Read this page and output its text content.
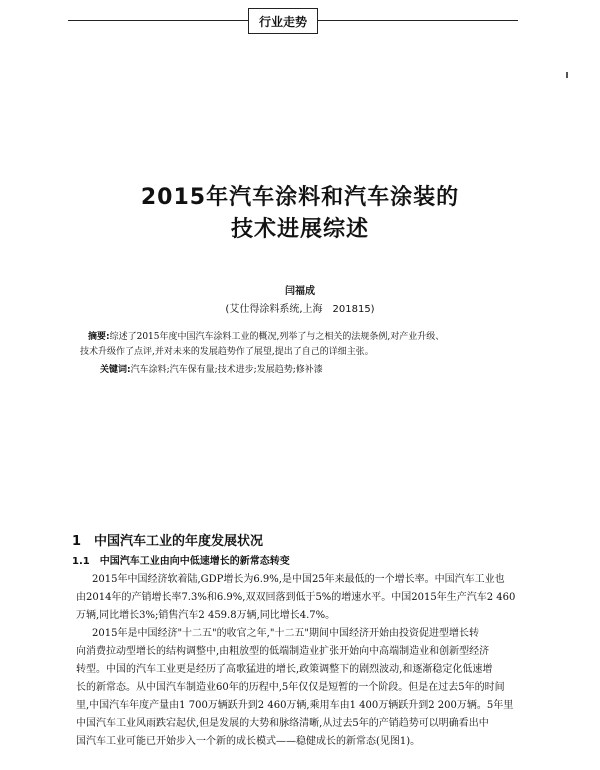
行业走势
2015年汽车涂料和汽车涂装的
技术进展综述
闫福成
(艾仕得涂料系统,上海　201815)
摘要:综述了2015年度中国汽车涂料工业的概况,列举了与之相关的法规条例,对产业升级、
技术升级作了点评,并对未来的发展趋势作了展望,提出了自己的详细主张。
关键词:汽车涂料;汽车保有量;技术进步;发展趋势;修补漆
1　中国汽车工业的年度发展状况
1.1　中国汽车工业由向中低速增长的新常态转变
2015年中国经济软着陆,GDP增长为6.9%,是中国25年来最低的一个增长率。中国汽车工业也
由2014年的产销增长率7.3%和6.9%,双双回落到低于5%的增速水平。中国2015年生产汽车2 460
万辆,同比增长3%;销售汽车2 459.8万辆,同比增长4.7%。
2015年是中国经济"十二五"的收官之年,"十二五"期间中国经济开始由投资促进型增长转
向消费拉动型增长的结构调整中,由粗放型的低端制造业扩张开始向中高端制造业和创新型经济
转型。中国的汽车工业更是经历了高歌猛进的增长,政策调整下的剧烈波动,和逐渐稳定化低速增
长的新常态。从中国汽车制造业60年的历程中,5年仅仅是短暂的一个阶段。但是在过去5年的时间
里,中国汽车年度产量由1 700万辆跃升到2 460万辆,乘用车由1 400万辆跃升到2 200万辆。5年里
中国汽车工业风雨跌宕起伏,但是发展的大势和脉络清晰,从过去5年的产销趋势可以明确看出中
国汽车工业可能已开始步入一个新的成长模式——稳健成长的新常态(见图1)。
